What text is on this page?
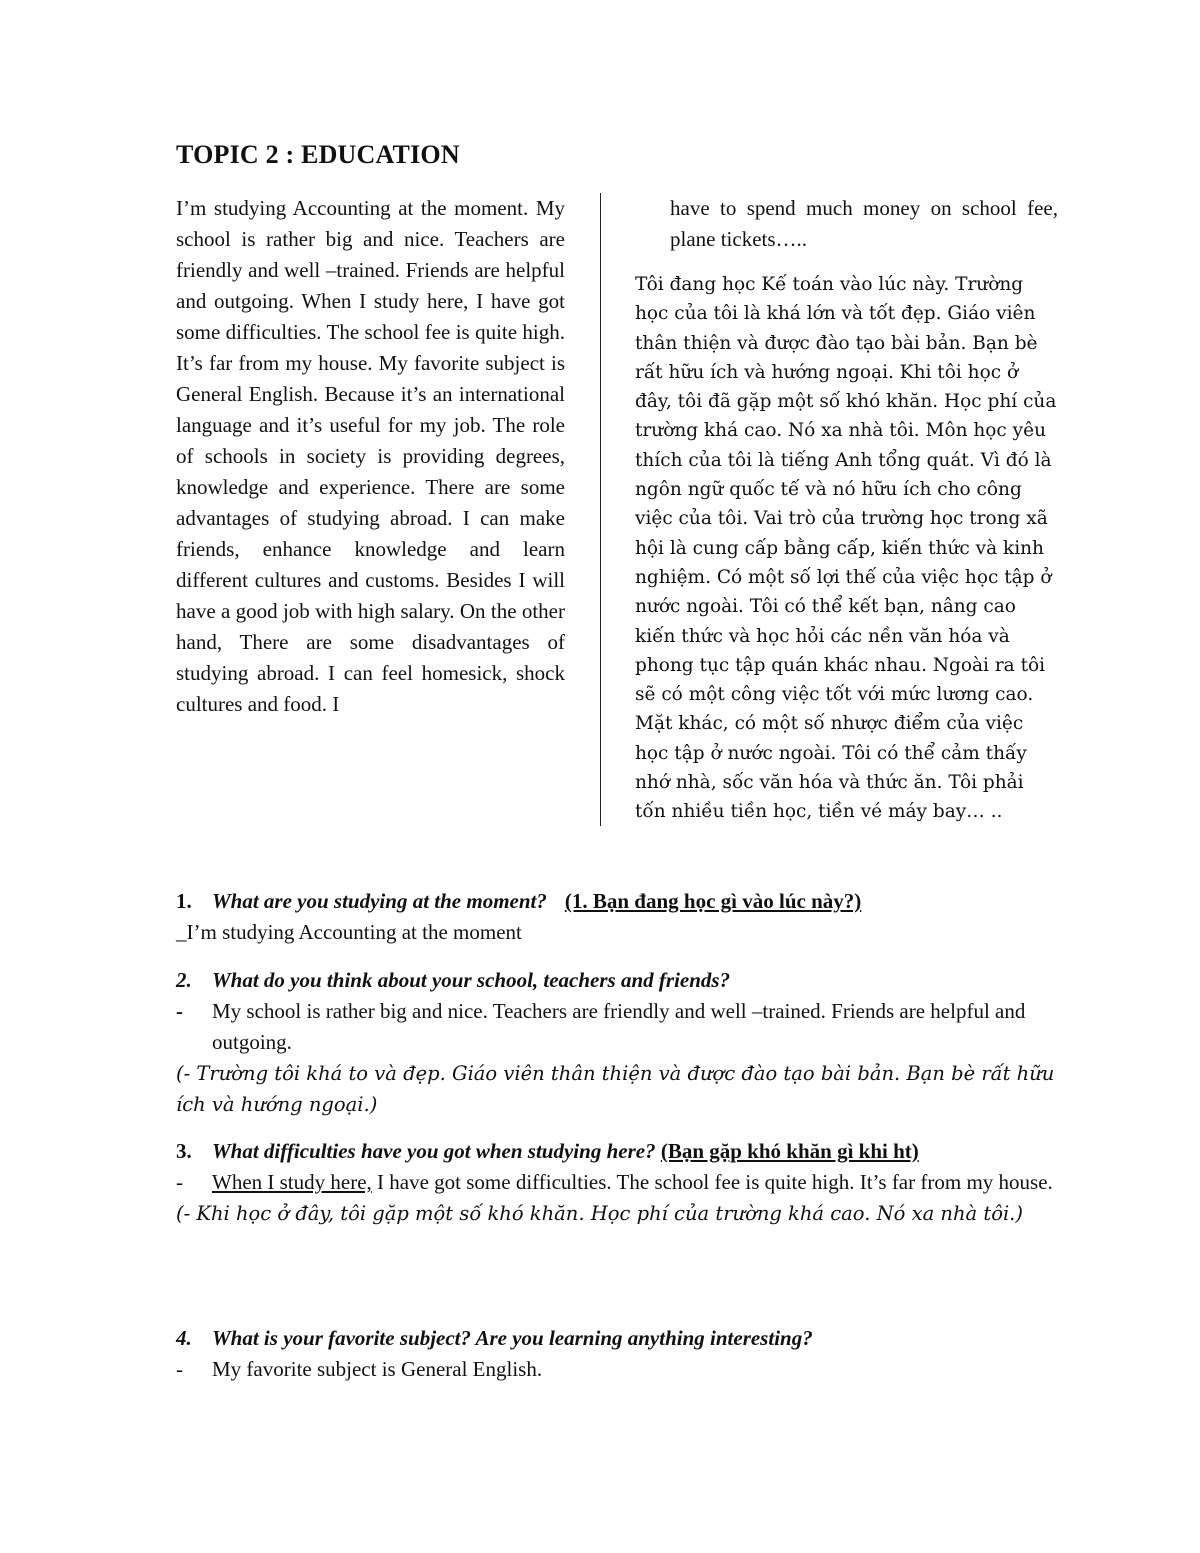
TOPIC 2 : EDUCATION
I’m studying Accounting at the moment. My school is rather big and nice. Teachers are friendly and well –trained. Friends are helpful and outgoing. When I study here, I have got some difficulties. The school fee is quite high. It’s far from my house. My favorite subject is General English. Because it’s an international language and it’s useful for my job. The role of schools in society is providing degrees, knowledge and experience. There are some advantages of studying abroad. I can make friends, enhance knowledge and learn different cultures and customs. Besides I will have a good job with high salary. On the other hand, There are some disadvantages of studying abroad. I can feel homesick, shock cultures and food. I
have to spend much money on school fee, plane tickets…..
Tôi đang học Kế toán vào lúc này. Trường học của tôi là khá lớn và tốt đẹp. Giáo viên thân thiện và được đào tạo bài bản. Bạn bè rất hữu ích và hướng ngoại. Khi tôi học ở đây, tôi đã gặp một số khó khăn. Học phí của trường khá cao. Nó xa nhà tôi. Môn học yêu thích của tôi là tiếng Anh tổng quát. Vì đó là ngôn ngữ quốc tế và nó hữu ích cho công việc của tôi. Vai trò của trường học trong xã hội là cung cấp bằng cấp, kiến thức và kinh nghiệm. Có một số lợi thế của việc học tập ở nước ngoài. Tôi có thể kết bạn, nâng cao kiến thức và học hỏi các nền văn hóa và phong tục tập quán khác nhau. Ngoài ra tôi sẽ có một công việc tốt với mức lương cao. Mặt khác, có một số nhược điểm của việc học tập ở nước ngoài. Tôi có thể cảm thấy nhớ nhà, sốc văn hóa và thức ăn. Tôi phải tốn nhiều tiền học, tiền vé máy bay… ..
1. What are you studying at the moment? (1. Bạn đang học gì vào lúc này?)
_I’m studying Accounting at the moment
2. What do you think about your school, teachers and friends?
-	My school is rather big and nice. Teachers are friendly and well –trained. Friends are helpful and outgoing.
(- Trường tôi khá to và đẹp. Giáo viên thân thiện và được đào tạo bài bản. Bạn bè rất hữu ích và hướng ngoại.)
3. What difficulties have you got when studying here? (Bạn gặp khó khăn gì khi ht)
-	When I study here, I have got some difficulties. The school fee is quite high. It’s far from my house.
(- Khi học ở đây, tôi gặp một số khó khăn. Học phí của trường khá cao. Nó xa nhà tôi.)
4. What is your favorite subject? Are you learning anything interesting?
-	My favorite subject is General English.
